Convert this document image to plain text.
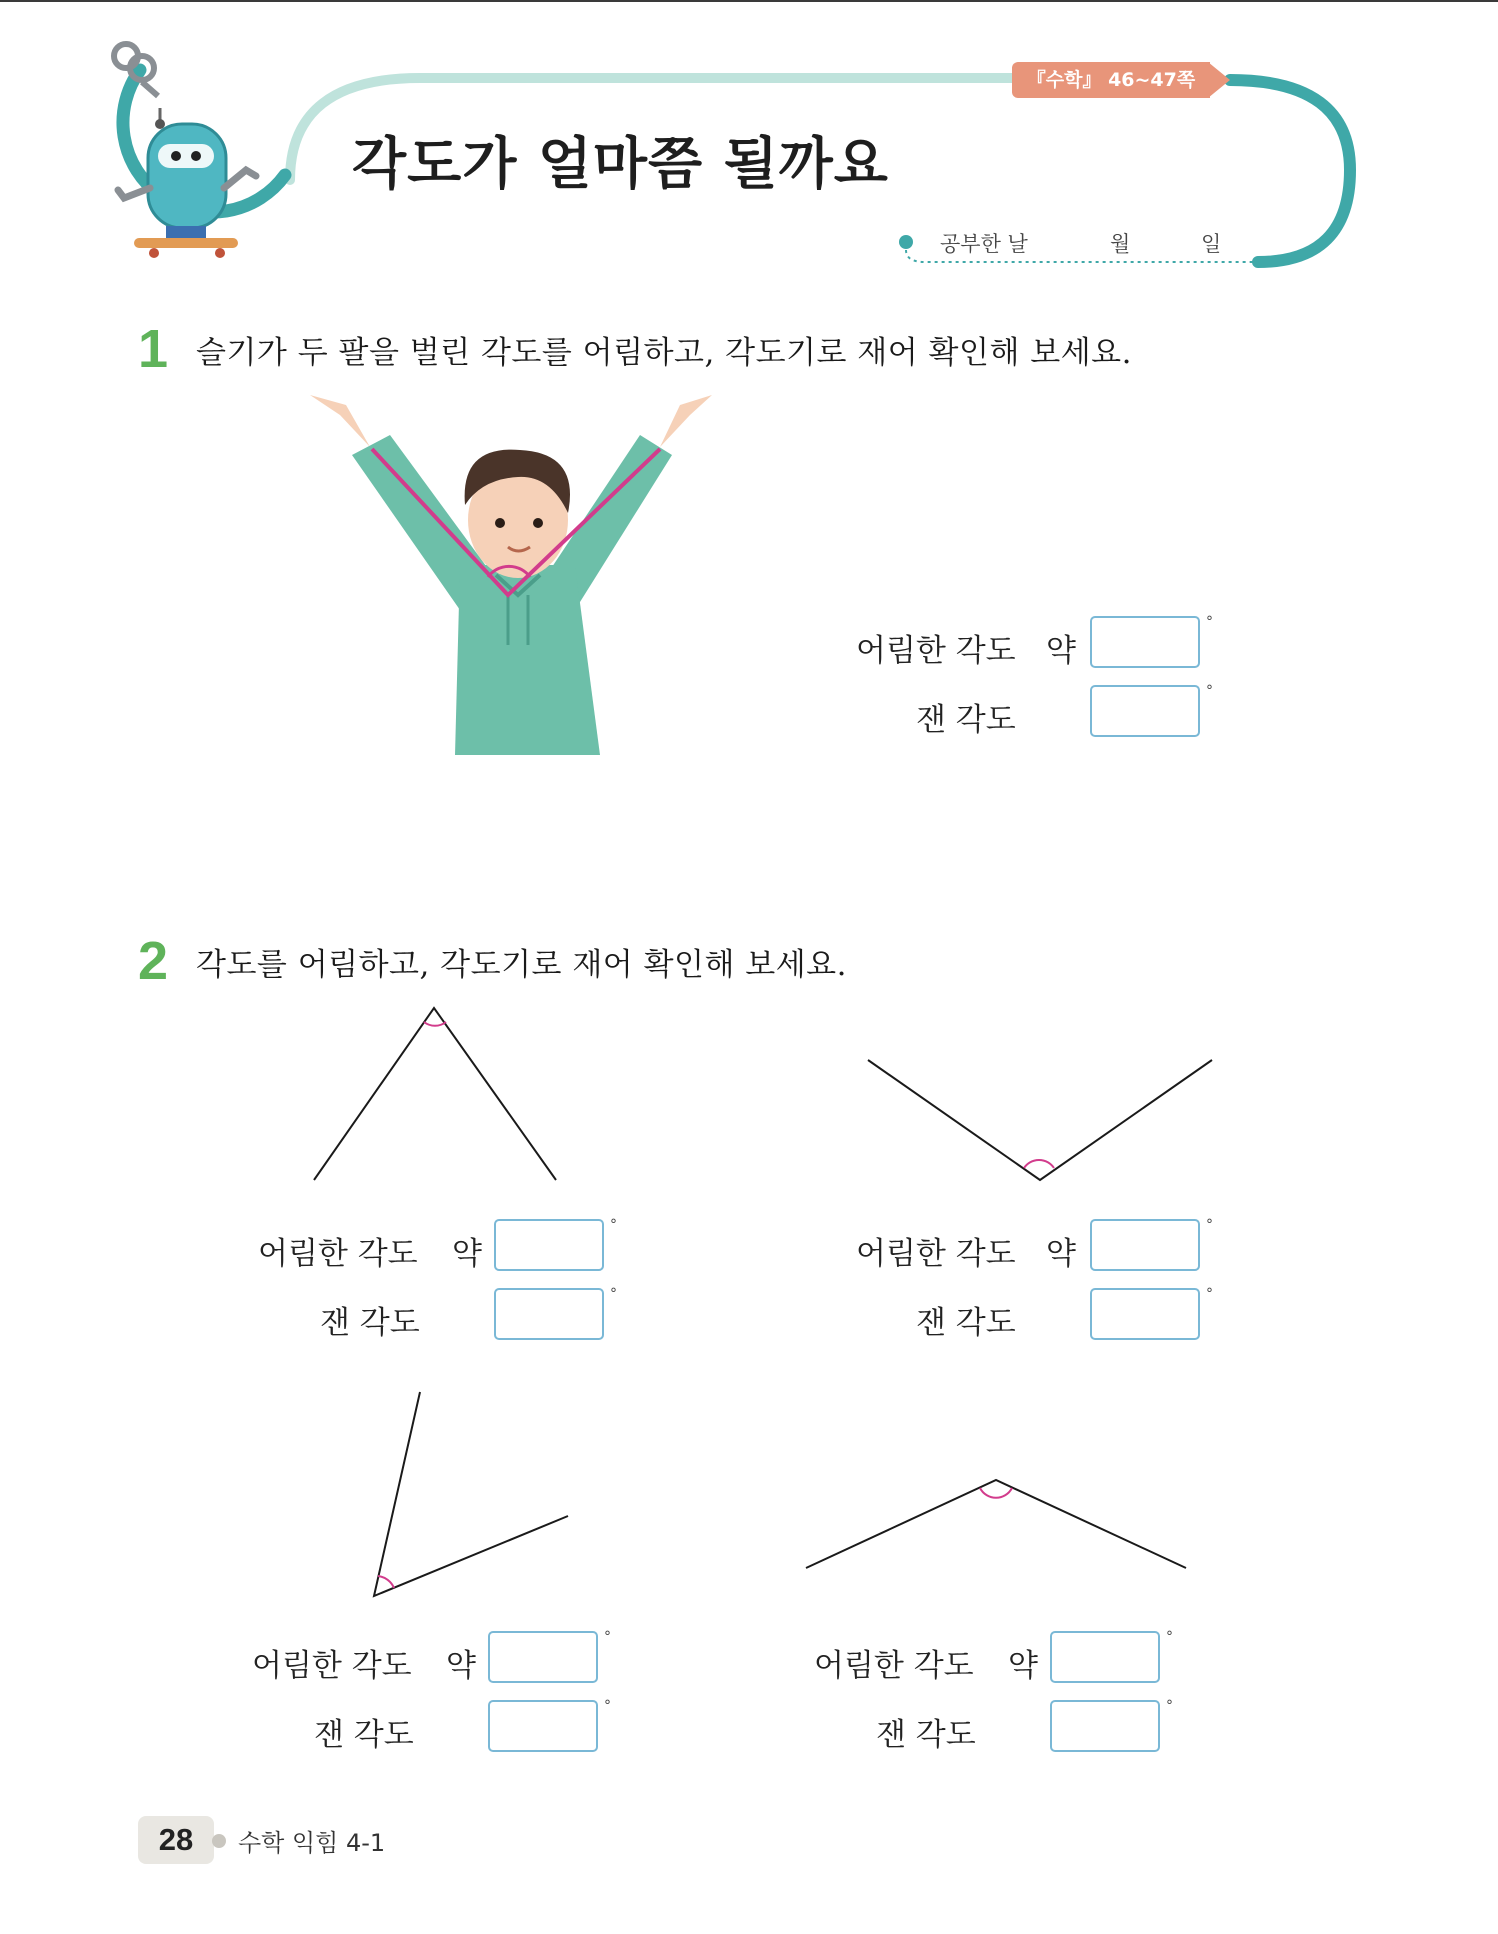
『수학』 46~47쪽
각도가 얼마쯤 될까요
공부한 날	월	일
1 슬기가 두 팔을 벌린 각도를 어림하고, 각도기로 재어 확인해 보세요.
어림한 각도 약
°
잰 각도
°
2 각도를 어림하고, 각도기로 재어 확인해 보세요.
어림한 각도 약
°
잰 각도
°
어림한 각도 약
°
잰 각도
°
어림한 각도 약
°
잰 각도
°
어림한 각도 약
°
잰 각도
°
28	수학 익힘 4-1
